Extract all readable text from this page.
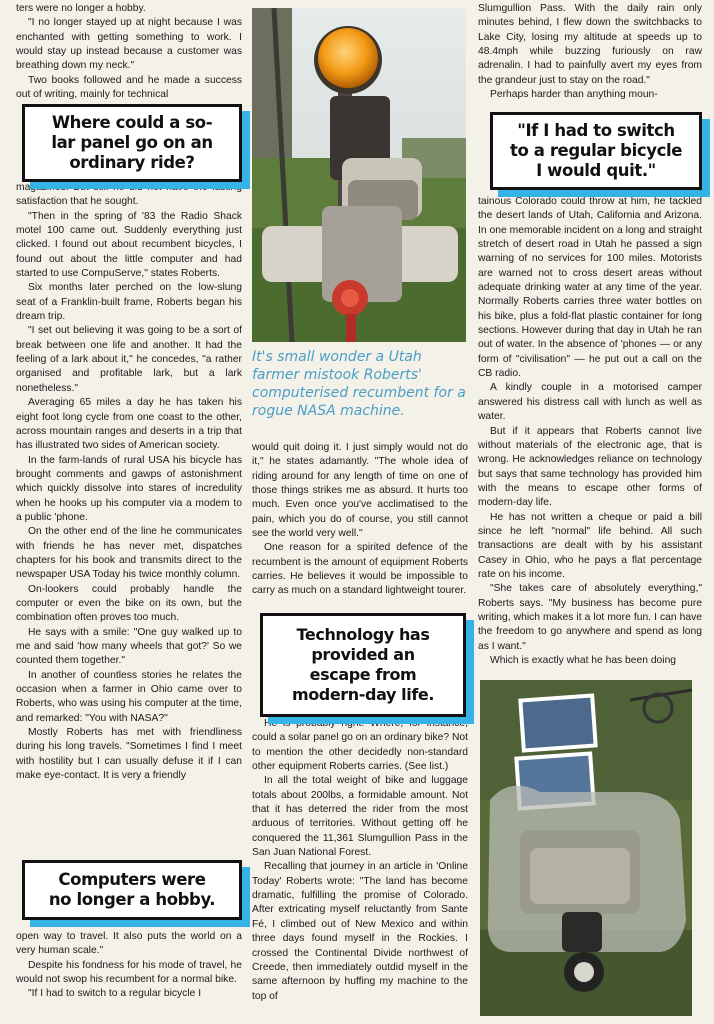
ters were no longer a hobby.

"I no longer stayed up at night because I was enchanted with getting something to work. I would stay up instead because a customer was breathing down my neck."

Two books followed and he made a success out of writing, mainly for technical

magazines. But still he did not have the lasting satisfaction that he sought.

"Then in the spring of '83 the Radio Shack motel 100 came out. Suddenly everything just clicked. I found out about recumbent bicycles, I found out about the little computer and had started to use CompuServe," states Roberts.

Six months later perched on the low-slung seat of a Franklin-built frame, Roberts began his dream trip.

"I set out believing it was going to be a sort of break between one life and another. It had the feeling of a lark about it," he concedes, "a rather organised and profitable lark, but a lark nonetheless."

Averaging 65 miles a day he has taken his eight foot long cycle from one coast to the other, across mountain ranges and deserts in a trip that has illustrated two sides of American society.

In the farm-lands of rural USA his bicycle has brought comments and gawps of astonishment which quickly dissolve into stares of incredulity when he hooks up his computer via a modem to a public 'phone.

On the other end of the line he communicates with friends he has never met, dispatches chapters for his book and transmits direct to the newspaper USA Today his twice monthly column.

On-lookers could probably handle the computer or even the bike on its own, but the combination often proves too much.

He says with a smile: "One guy walked up to me and said 'how many wheels that got?' So we counted them together."

In another of countless stories he relates the occasion when a farmer in Ohio came over to Roberts, who was using his computer at the time, and remarked: "You with NASA?"

Mostly Roberts has met with friendliness during his long travels. "Sometimes I find I meet with hostility but I can usually defuse it if I can make eye-contact. It is very a friendly

open way to travel. It also puts the world on a very human scale."

Despite his fondness for his mode of travel, he would not swop his recumbent for a normal bike.

"If I had to switch to a regular bicycle I

Where could a so-
lar panel go on an
ordinary ride?
Computers were
no longer a hobby.
It's small wonder a Utah farmer mistook Roberts' computerised recumbent for a rogue NASA machine.

would quit doing it. I just simply would not do it," he states adamantly. "The whole idea of riding around for any length of time on one of those things strikes me as absurd. It hurts too much. Even once you've acclimatised to the pain, which you do of course, you still cannot see the world very well."

One reason for a spirited defence of the recumbent is the amount of equipment Roberts carries. He believes it would be impossible to carry as much on a standard lightweight tourer.

He is probably right. Where, for instance, could a solar panel go on an ordinary bike? Not to mention the other decidedly non-standard other equipment Roberts carries. (See list.)

In all the total weight of bike and luggage totals about 200lbs, a formidable amount. Not that it has deterred the rider from the most arduous of territories. Without getting off he conquered the 11,361 Slumgullion Pass in the San Juan National Forest.

Recalling that journey in an article in 'Online Today' Roberts wrote: "The land has become dramatic, fulfilling the promise of Colorado. After extricating myself reluctantly from Sante Fé, I climbed out of New Mexico and within three days found myself in the Rockies. I crossed the Continental Divide northwest of Creede, then immediately outdid myself in the same afternoon by huffing my machine to the top of

Technology has
provided an
escape from
modern-day life.

Slumgullion Pass. With the daily rain only minutes behind, I flew down the switchbacks to Lake City, losing my altitude at speeds up to 48.4mph while buzzing furiously on raw adrenalin. I had to painfully avert my eyes from the grandeur just to stay on the road."

Perhaps harder than anything moun-

tainous Colorado could throw at him, he tackled the desert lands of Utah, California and Arizona. In one memorable incident on a long and straight stretch of desert road in Utah he passed a sign warning of no services for 100 miles. Motorists are warned not to cross desert areas without adequate drinking water at any time of the year. Normally Roberts carries three water bottles on his bike, plus a fold-flat plastic container for long sections. However during that day in Utah he ran out of water. In the absence of 'phones — or any form of "civilisation" — he put out a call on the CB radio.

A kindly couple in a motorised camper answered his distress call with lunch as well as water.

But if it appears that Roberts cannot live without materials of the electronic age, that is wrong. He acknowledges reliance on technology but says that same technology has provided him with the means to escape other forms of modern-day life.

He has not written a cheque or paid a bill since he left "normal" life behind. All such transactions are dealt with by his assistant Casey in Ohio, who he pays a flat percentage rate on his income.

"She takes care of absolutely everything," Roberts says. "My business has become pure writing, which makes it a lot more fun. I can have the freedom to go anywhere and spend as long as I want."

Which is exactly what he has been doing

"If I had to switch
to a regular bicycle
I would quit."
